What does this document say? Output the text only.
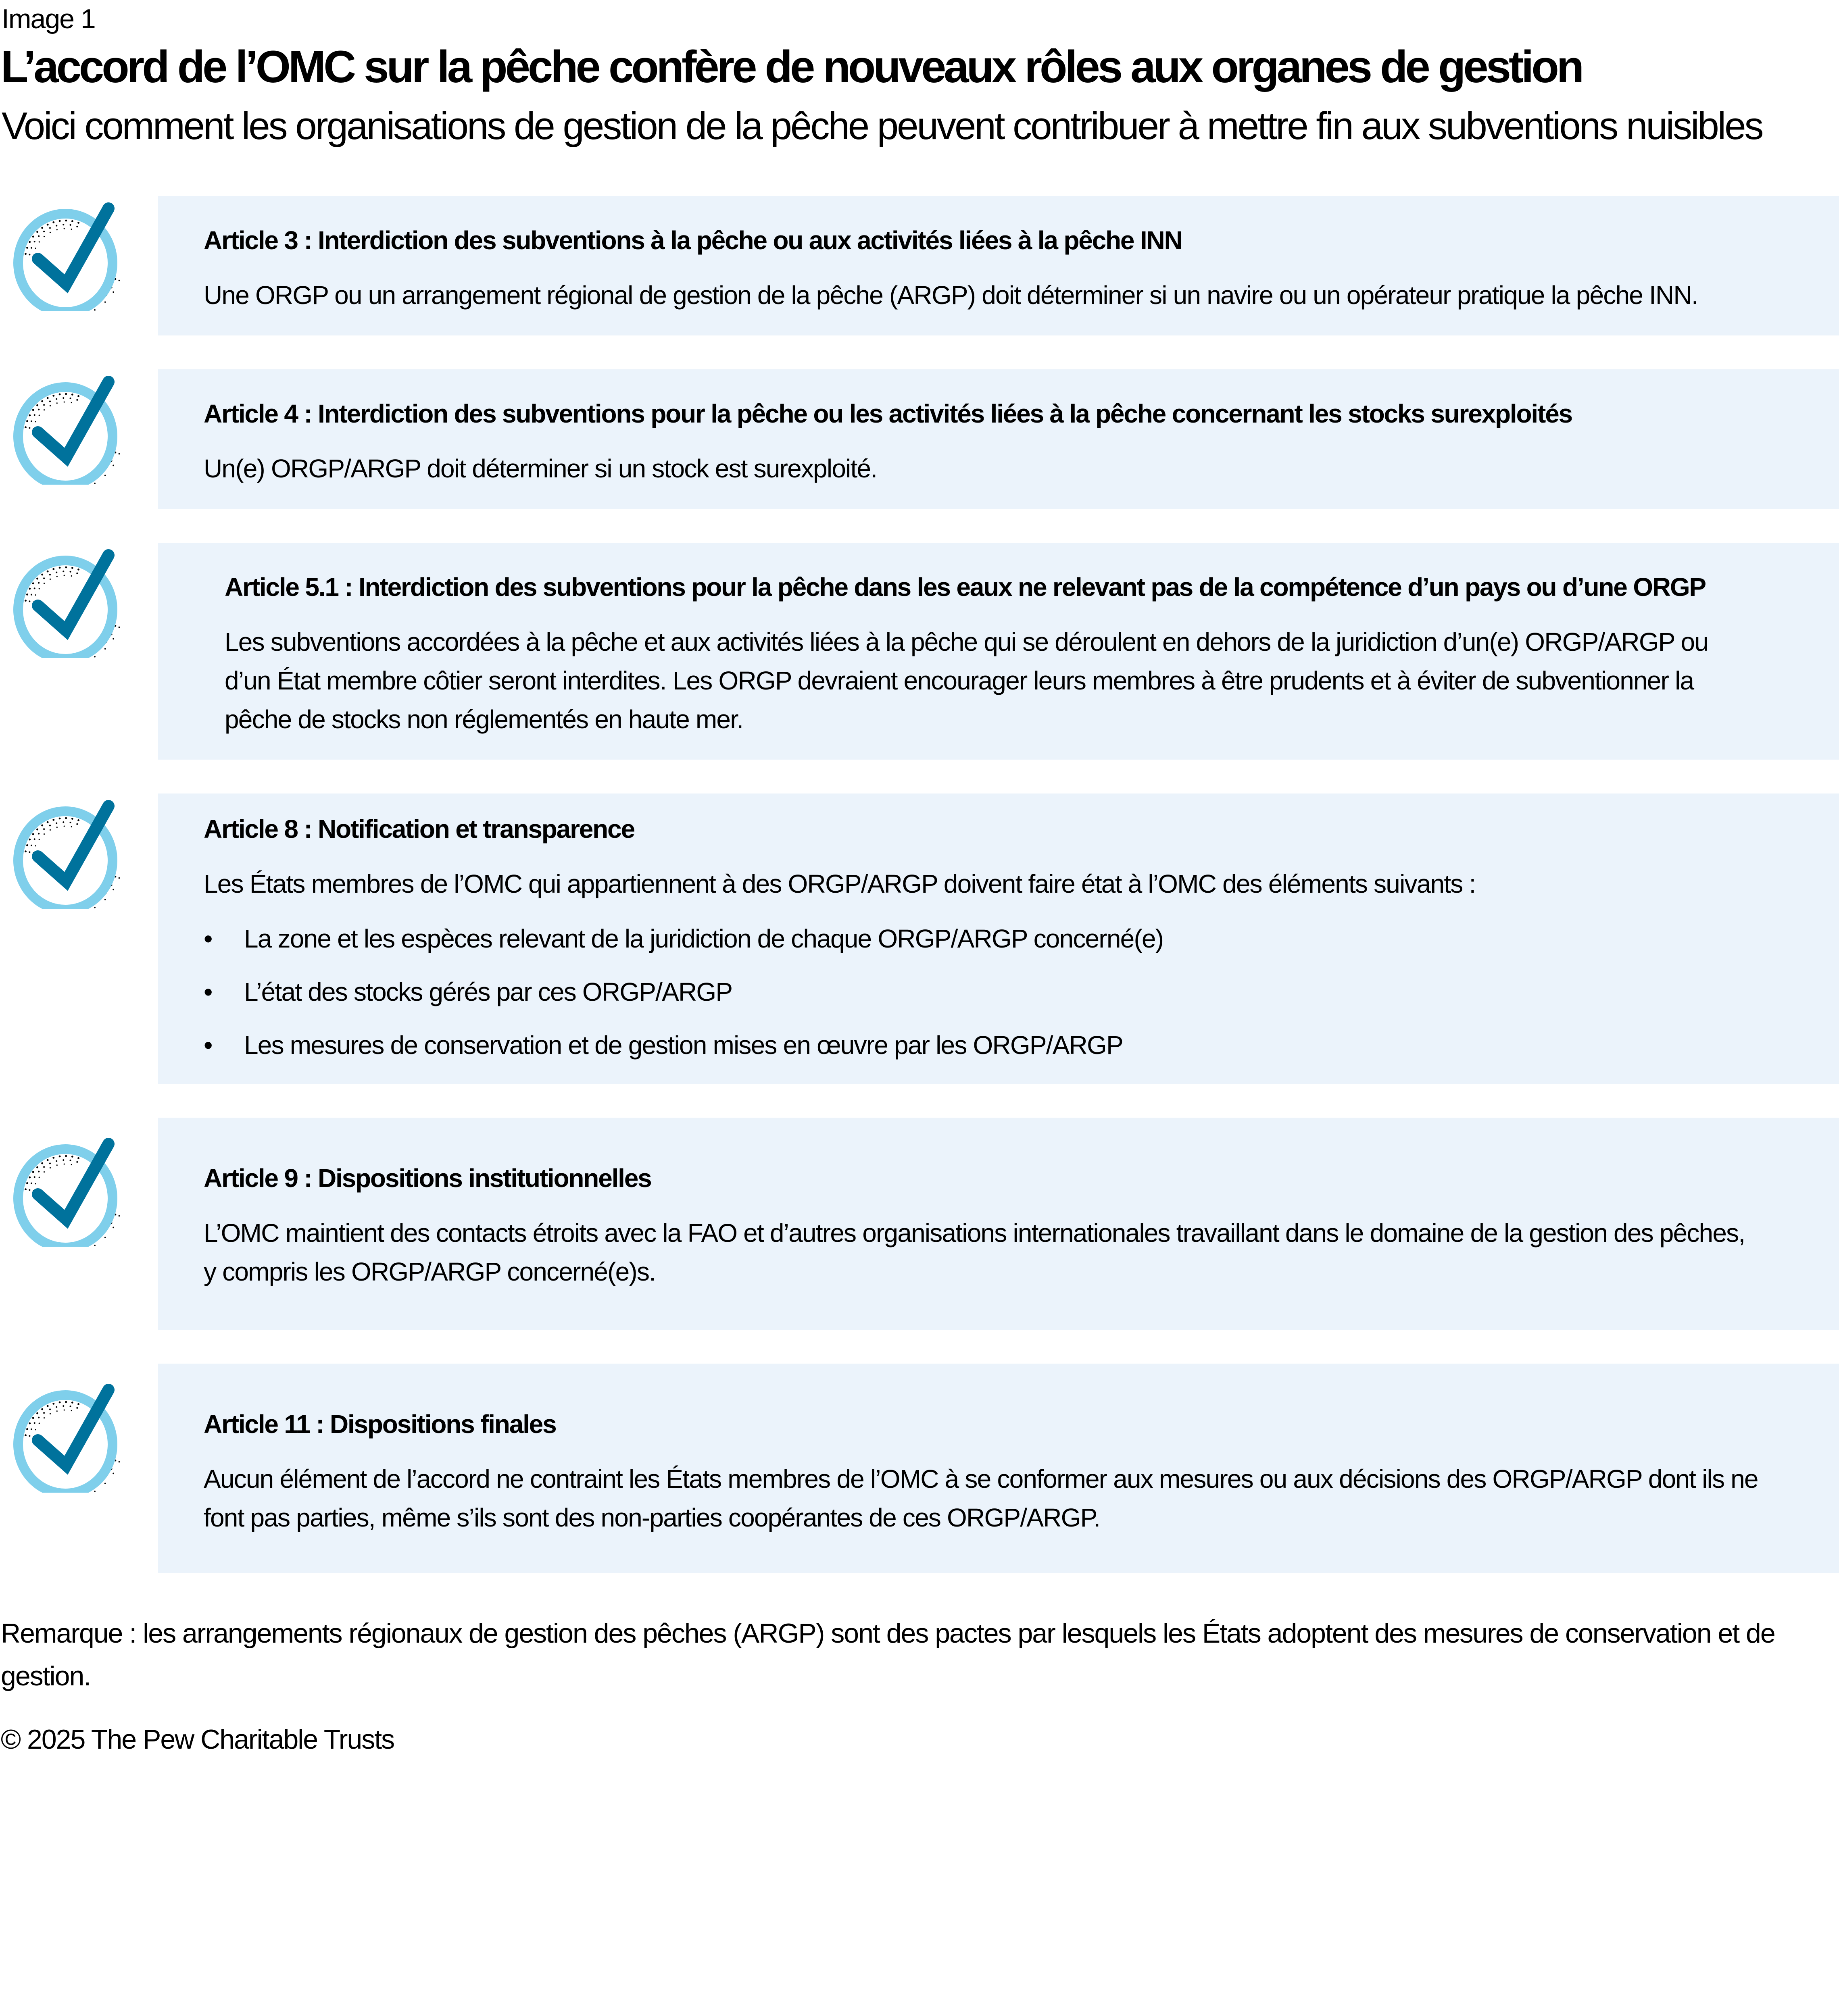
Image 1
L’accord de l’OMC sur la pêche confère de nouveaux rôles aux organes de gestion
Voici comment les organisations de gestion de la pêche peuvent contribuer à mettre fin aux subventions nuisibles
Article 3 : Interdiction des subventions à la pêche ou aux activités liées à la pêche INN
Une ORGP ou un arrangement régional de gestion de la pêche (ARGP) doit déterminer si un navire ou un opérateur pratique la pêche INN.
Article 4 : Interdiction des subventions pour la pêche ou les activités liées à la pêche concernant les stocks surexploités
Un(e) ORGP/ARGP doit déterminer si un stock est surexploité.
Article 5.1 : Interdiction des subventions pour la pêche dans les eaux ne relevant pas de la compétence d’un pays ou d’une ORGP
Les subventions accordées à la pêche et aux activités liées à la pêche qui se déroulent en dehors de la juridiction d’un(e) ORGP/ARGP ou d’un État membre côtier seront interdites. Les ORGP devraient encourager leurs membres à être prudents et à éviter de subventionner la pêche de stocks non réglementés en haute mer.
Article 8 : Notification et transparence
Les États membres de l’OMC qui appartiennent à des ORGP/ARGP doivent faire état à l’OMC des éléments suivants :
• La zone et les espèces relevant de la juridiction de chaque ORGP/ARGP concerné(e)
• L’état des stocks gérés par ces ORGP/ARGP
• Les mesures de conservation et de gestion mises en œuvre par les ORGP/ARGP
Article 9 : Dispositions institutionnelles
L’OMC maintient des contacts étroits avec la FAO et d’autres organisations internationales travaillant dans le domaine de la gestion des pêches, y compris les ORGP/ARGP concerné(e)s.
Article 11 : Dispositions finales
Aucun élément de l’accord ne contraint les États membres de l’OMC à se conformer aux mesures ou aux décisions des ORGP/ARGP dont ils ne font pas parties, même s’ils sont des non-parties coopérantes de ces ORGP/ARGP.
Remarque : les arrangements régionaux de gestion des pêches (ARGP) sont des pactes par lesquels les États adoptent des mesures de conservation et de gestion.
© 2025 The Pew Charitable Trusts
